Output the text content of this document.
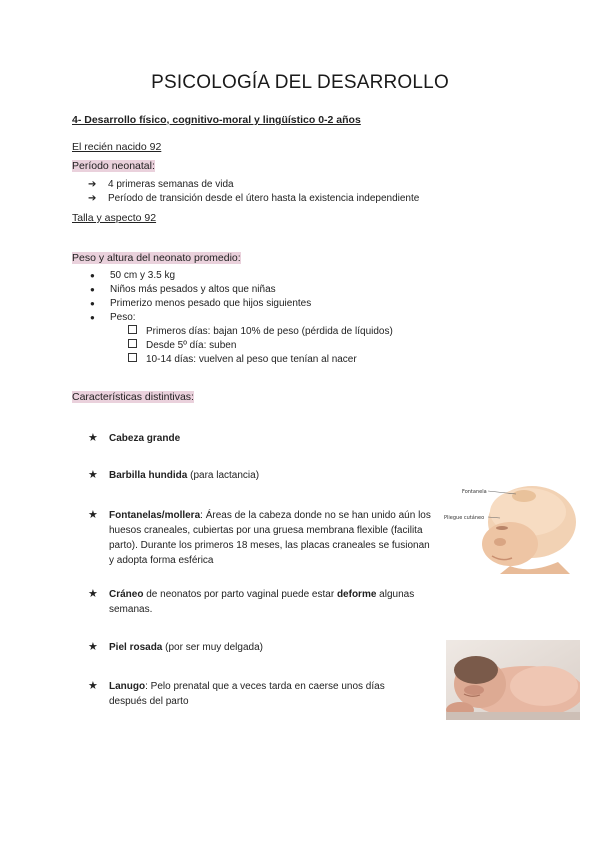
PSICOLOGÍA DEL DESARROLLO
4- Desarrollo físico, cognitivo-moral y lingüístico 0-2 años
El recién nacido 92
Período neonatal:
➔ 4 primeras semanas de vida
➔ Período de transición desde el útero hasta la existencia independiente
Talla y aspecto 92
Peso y altura del neonato promedio:
● 50 cm y 3.5 kg
● Niños más pesados y altos que niñas
● Primerizo menos pesado que hijos siguientes
● Peso:
Primeros días: bajan 10% de peso (pérdida de líquidos)
Desde 5º día: suben
10-14 días: vuelven al peso que tenían al nacer
Características distintivas:
★ Cabeza grande
★ Barbilla hundida (para lactancia)
★ Fontanelas/mollera: Áreas de la cabeza donde no se han unido aún los huesos craneales, cubiertas por una gruesa membrana flexible (facilita parto). Durante los primeros 18 meses, las placas craneales se fusionan y adopta forma esférica
★ Cráneo de neonatos por parto vaginal puede estar deforme algunas semanas.
★ Piel rosada (por ser muy delgada)
★ Lanugo: Pelo prenatal que a veces tarda en caerse unos días después del parto
Fontanela
Pliegue cutáneo
